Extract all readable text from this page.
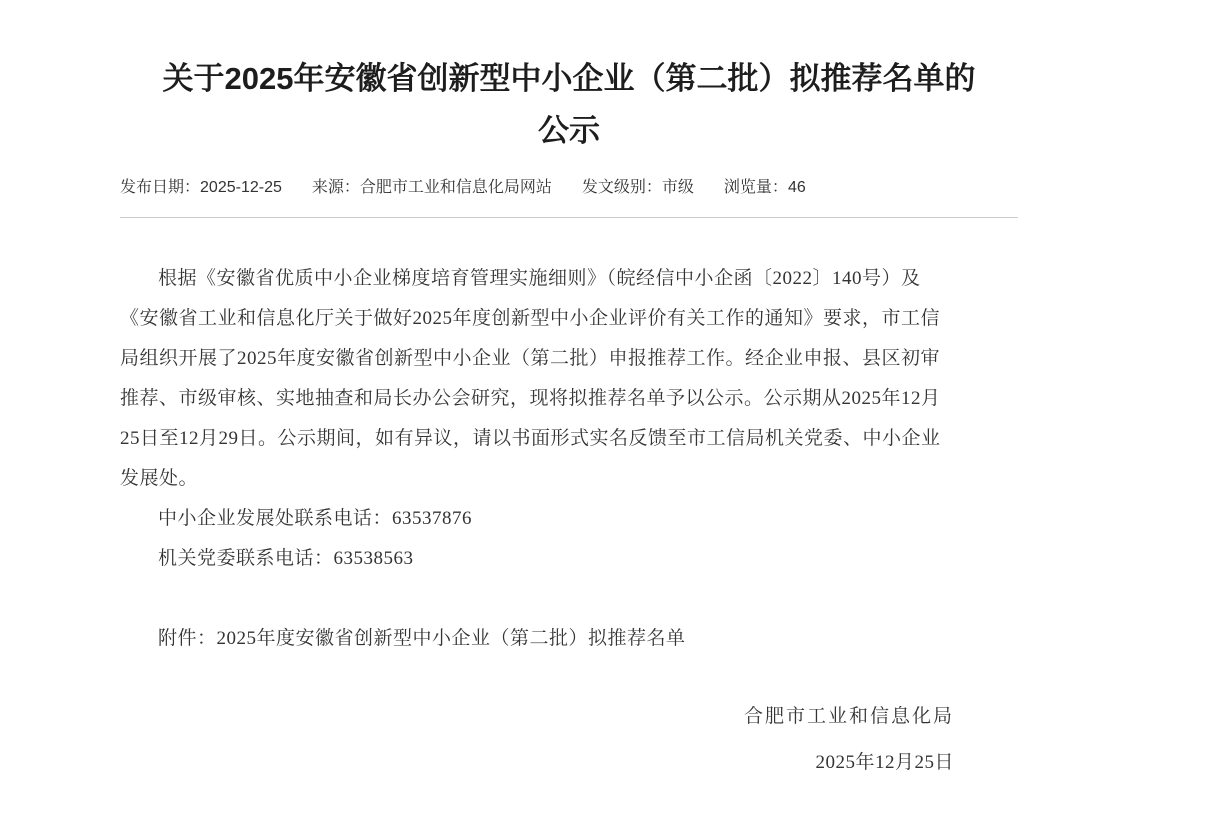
关于2025年安徽省创新型中小企业（第二批）拟推荐名单的
公示
发布日期：2025-12-25 来源：合肥市工业和信息化局网站 发文级别：市级 浏览量：46
根据《安徽省优质中小企业梯度培育管理实施细则》（皖经信中小企函〔2022〕140号）及
《安徽省工业和信息化厅关于做好2025年度创新型中小企业评价有关工作的通知》要求，市工信
局组织开展了2025年度安徽省创新型中小企业（第二批）申报推荐工作。经企业申报、县区初审
推荐、市级审核、实地抽查和局长办公会研究，现将拟推荐名单予以公示。公示期从2025年12月
25日至12月29日。公示期间，如有异议，请以书面形式实名反馈至市工信局机关党委、中小企业
发展处。
中小企业发展处联系电话：63537876
机关党委联系电话：63538563
附件：2025年度安徽省创新型中小企业（第二批）拟推荐名单
合肥市工业和信息化局
2025年12月25日
